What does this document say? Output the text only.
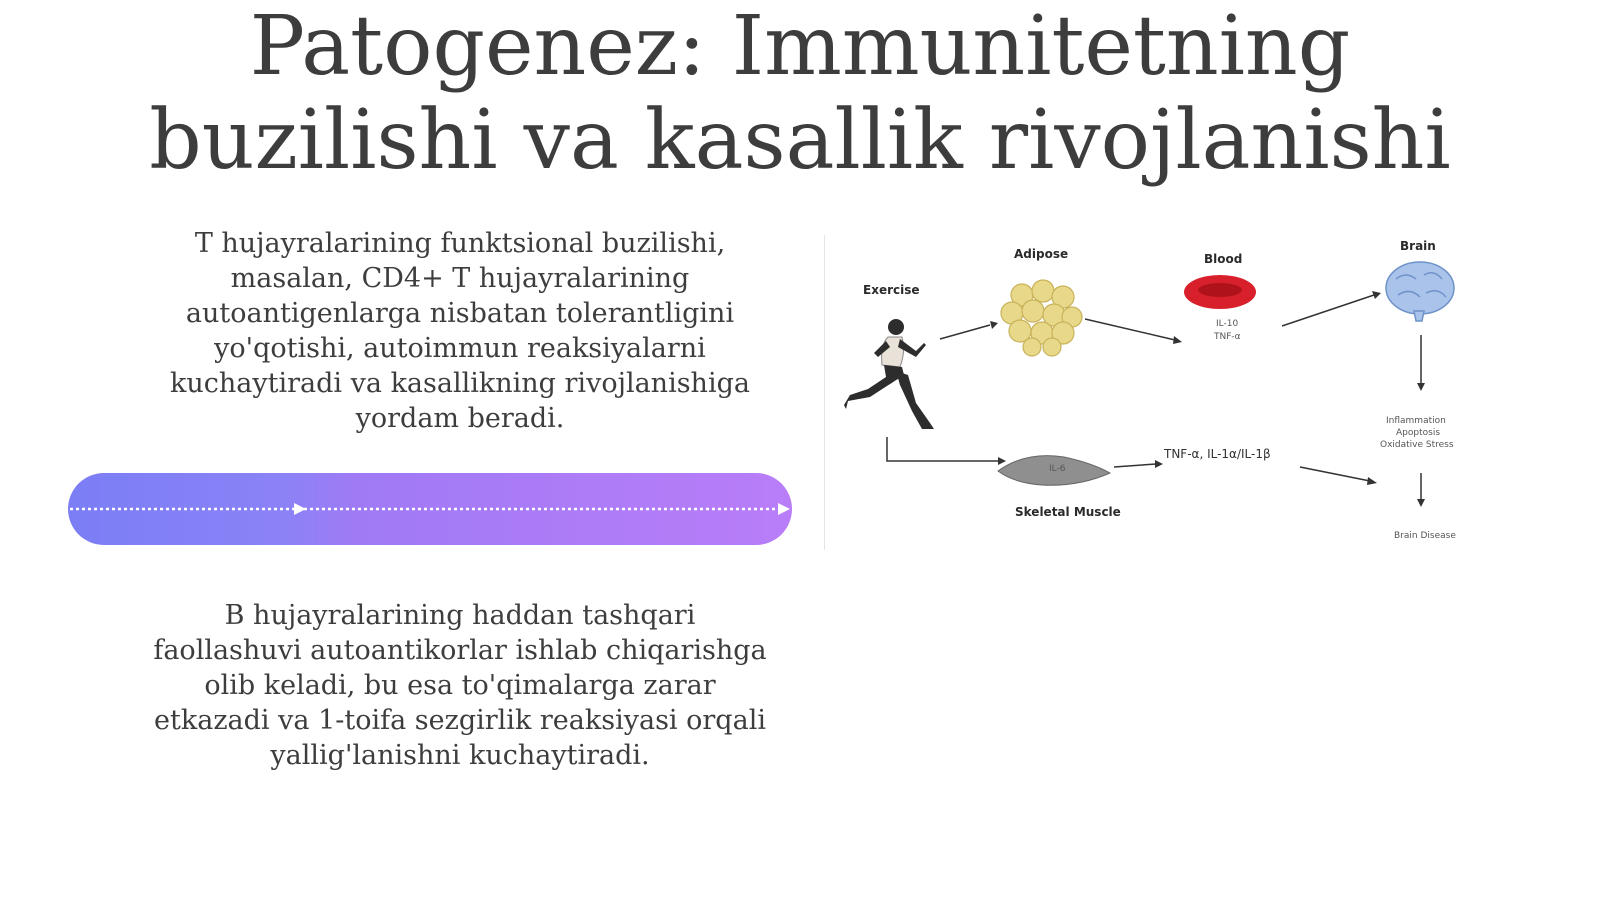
Patogenez: Immunitetning
buzilishi va kasallik rivojlanishi
T hujayralarining funktsional buzilishi, masalan, CD4+ T hujayralarining autoantigenlarga nisbatan tolerantligini yo'qotishi, autoimmun reaksiyalarni kuchaytiradi va kasallikning rivojlanishiga yordam beradi.
B hujayralarining haddan tashqari faollashuvi autoantikorlar ishlab chiqarishga olib keladi, bu esa to'qimalarga zarar etkazadi va 1-toifa sezgirlik reaksiyasi orqali yallig'lanishni kuchaytiradi.
Exercise
Adipose	Blood
Brain
IL-10
TNF-α
Inflammation
Apoptosis
Oxidative Stress
Brain Disease
IL-6
Skeletal Muscle
TNF-α, IL-1α/IL-1β
